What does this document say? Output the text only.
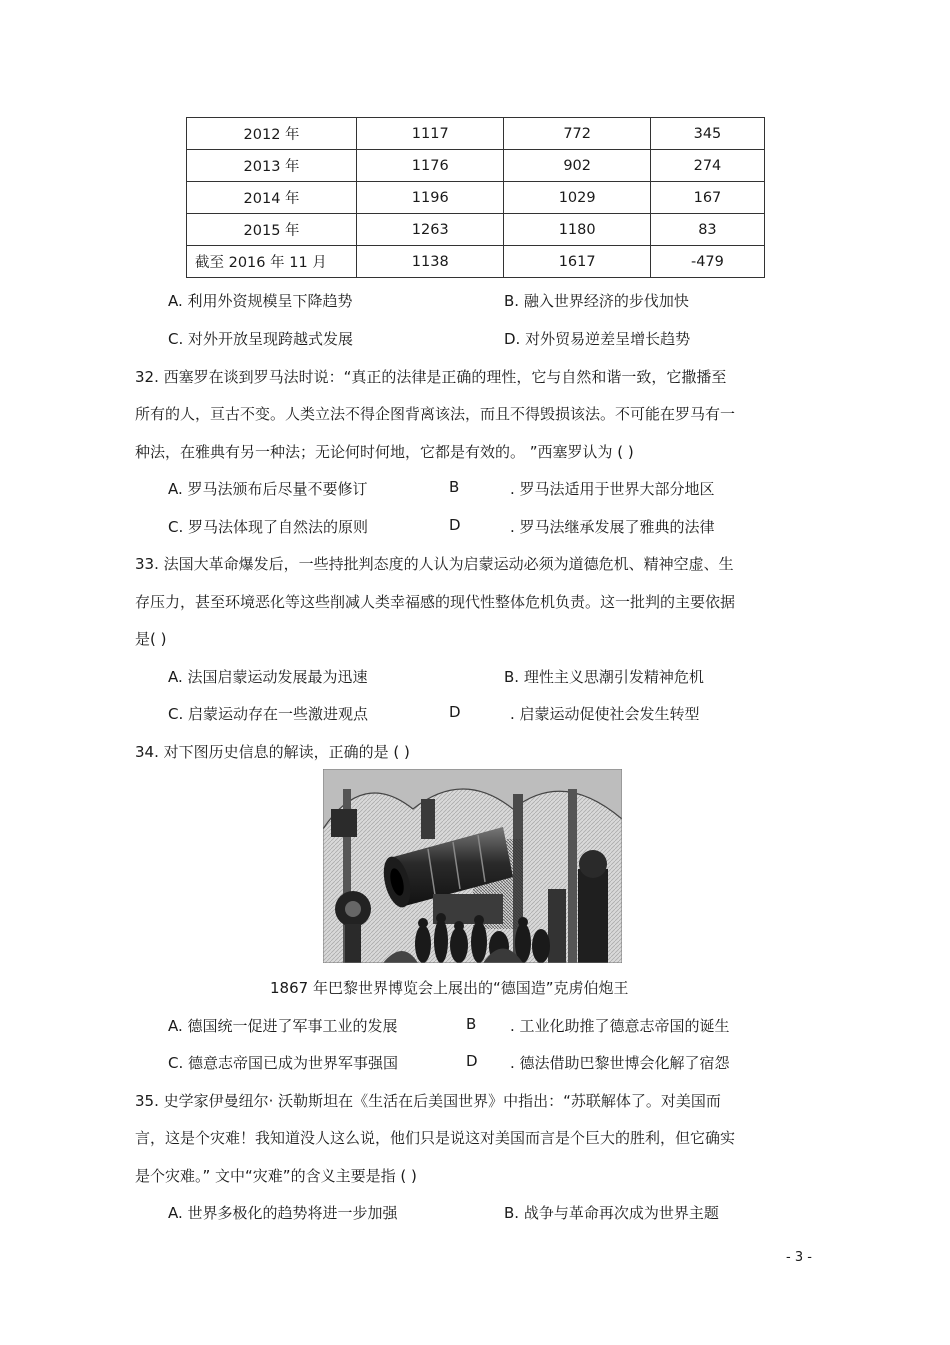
2012 年	1117	772	345
2013 年	1176	902	274
2014 年	1196	1029	167
2015 年	1263	1180	83
截至 2016 年 11 月	1138	1617	-479
A. 利用外资规模呈下降趋势	B. 融入世界经济的步伐加快
C. 对外开放呈现跨越式发展	D. 对外贸易逆差呈增长趋势
32. 西塞罗在谈到罗马法时说：“真正的法律是正确的理性，它与自然和谐一致，它撒播至
所有的人，亘古不变。人类立法不得企图背离该法，而且不得毁损该法。不可能在罗马有一
种法，在雅典有另一种法；无论何时何地，它都是有效的。 ”西塞罗认为 ( )
A. 罗马法颁布后尽量不要修订	B	. 罗马法适用于世界大部分地区
C. 罗马法体现了自然法的原则	D	. 罗马法继承发展了雅典的法律
33. 法国大革命爆发后，一些持批判态度的人认为启蒙运动必须为道德危机、精神空虚、生
存压力，甚至环境恶化等这些削减人类幸福感的现代性整体危机负责。这一批判的主要依据
是( )
A. 法国启蒙运动发展最为迅速	B. 理性主义思潮引发精神危机
C. 启蒙运动存在一些激进观点	D	. 启蒙运动促使社会发生转型
34. 对下图历史信息的解读，正确的是 ( )
1867 年巴黎世界博览会上展出的“德国造”克虏伯炮王
A. 德国统一促进了军事工业的发展	B . 工业化助推了德意志帝国的诞生
C. 德意志帝国已成为世界军事强国	D . 德法借助巴黎世博会化解了宿怨
35. 史学家伊曼纽尔· 沃勒斯坦在《生活在后美国世界》中指出：“苏联解体了。对美国而
言，这是个灾难！我知道没人这么说，他们只是说这对美国而言是个巨大的胜利，但它确实
是个灾难。” 文中“灾难”的含义主要是指 ( )
A. 世界多极化的趋势将进一步加强	B. 战争与革命再次成为世界主题
- 3 -
